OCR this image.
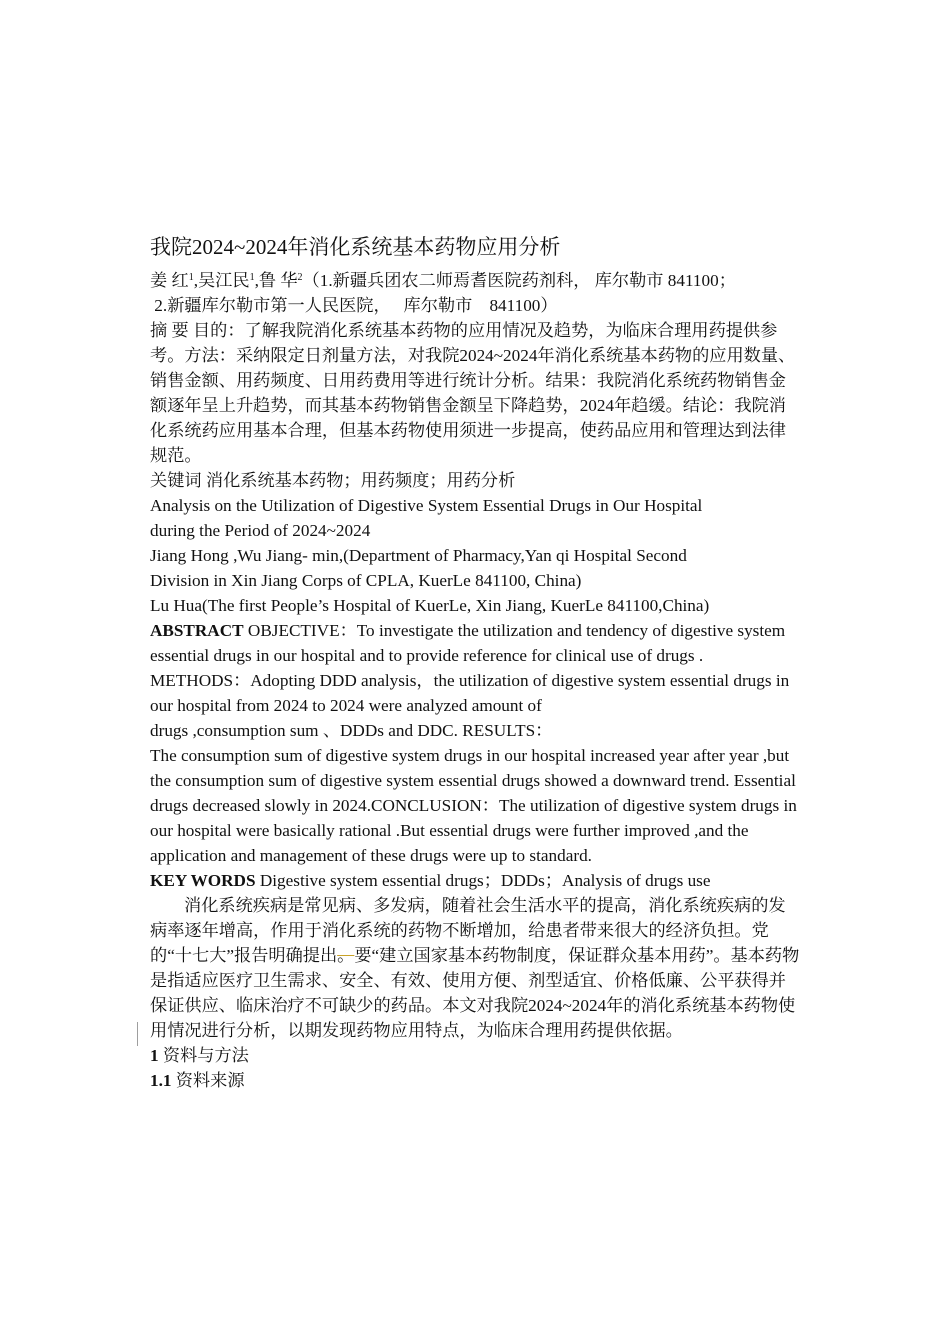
我院2024~2024年消化系统基本药物应用分析

姜 红$^1$,吴江民$^1$,鲁 华$^2$（1.新疆兵团农二师焉耆医院药剂科， 库尔勒市 841100；

2.新疆库尔勒市第一人民医院，   库尔勒市    841100）

摘 要 目的：了解我院消化系统基本药物的应用情况及趋势，为临床合理用药提供参考。方法：采纳限定日剂量方法，对我院2024~2024年消化系统基本药物的应用数量、销售金额、用药频度、日用药费用等进行统计分析。结果：我院消化系统药物销售金额逐年呈上升趋势，而其基本药物销售金额呈下降趋势，2024年趋缓。结论：我院消化系统药应用基本合理，但基本药物使用须进一步提高，使药品应用和管理达到法律规范。

关键词 消化系统基本药物；用药频度；用药分析

Analysis on the Utilization of Digestive System Essential Drugs in Our Hospital

during the Period of 2024~2024

Jiang Hong ,Wu Jiang- min,(Department of Pharmacy,Yan qi Hospital Second

Division in Xin Jiang Corps of CPLA, KuerLe 841100, China)

Lu Hua(The first People’s Hospital of KuerLe, Xin Jiang, KuerLe 841100,China)

ABSTRACT OBJECTIVE：To investigate the utilization and tendency of digestive system

essential drugs in our hospital and to provide reference for clinical use of drugs . METHODS：Adopting DDD analysis，the utilization of digestive system essential drugs in our hospital from 2024 to 2024 were analyzed amount of

drugs ,consumption sum 、DDDs and DDC. RESULTS：

The consumption sum of digestive system drugs in our hospital increased year after year ,but the consumption sum of digestive system essential drugs showed a downward trend. Essential drugs decreased slowly in 2024.CONCLUSION：The utilization of digestive system drugs in our hospital were basically rational .But essential drugs were further improved ,and the application and management of these drugs were up to standard.

KEY WORDS Digestive system essential drugs；DDDs；Analysis of drugs use

消化系统疾病是常见病、多发病，随着社会生活水平的提高，消化系统疾病的发病率逐年增高，作用于消化系统的药物不断增加，给患者带来很大的经济负担。党的“十七大”报告明确提出。要“建立国家基本药物制度，保证群众基本用药”。基本药物是指适应医疗卫生需求、安全、有效、使用方便、剂型适宜、价格低廉、公平获得并保证供应、临床治疗不可缺少的药品。本文对我院2024~2024年的消化系统基本药物使用情况进行分析，以期发现药物应用特点，为临床合理用药提供依据。

1 资料与方法

1.1 资料来源
